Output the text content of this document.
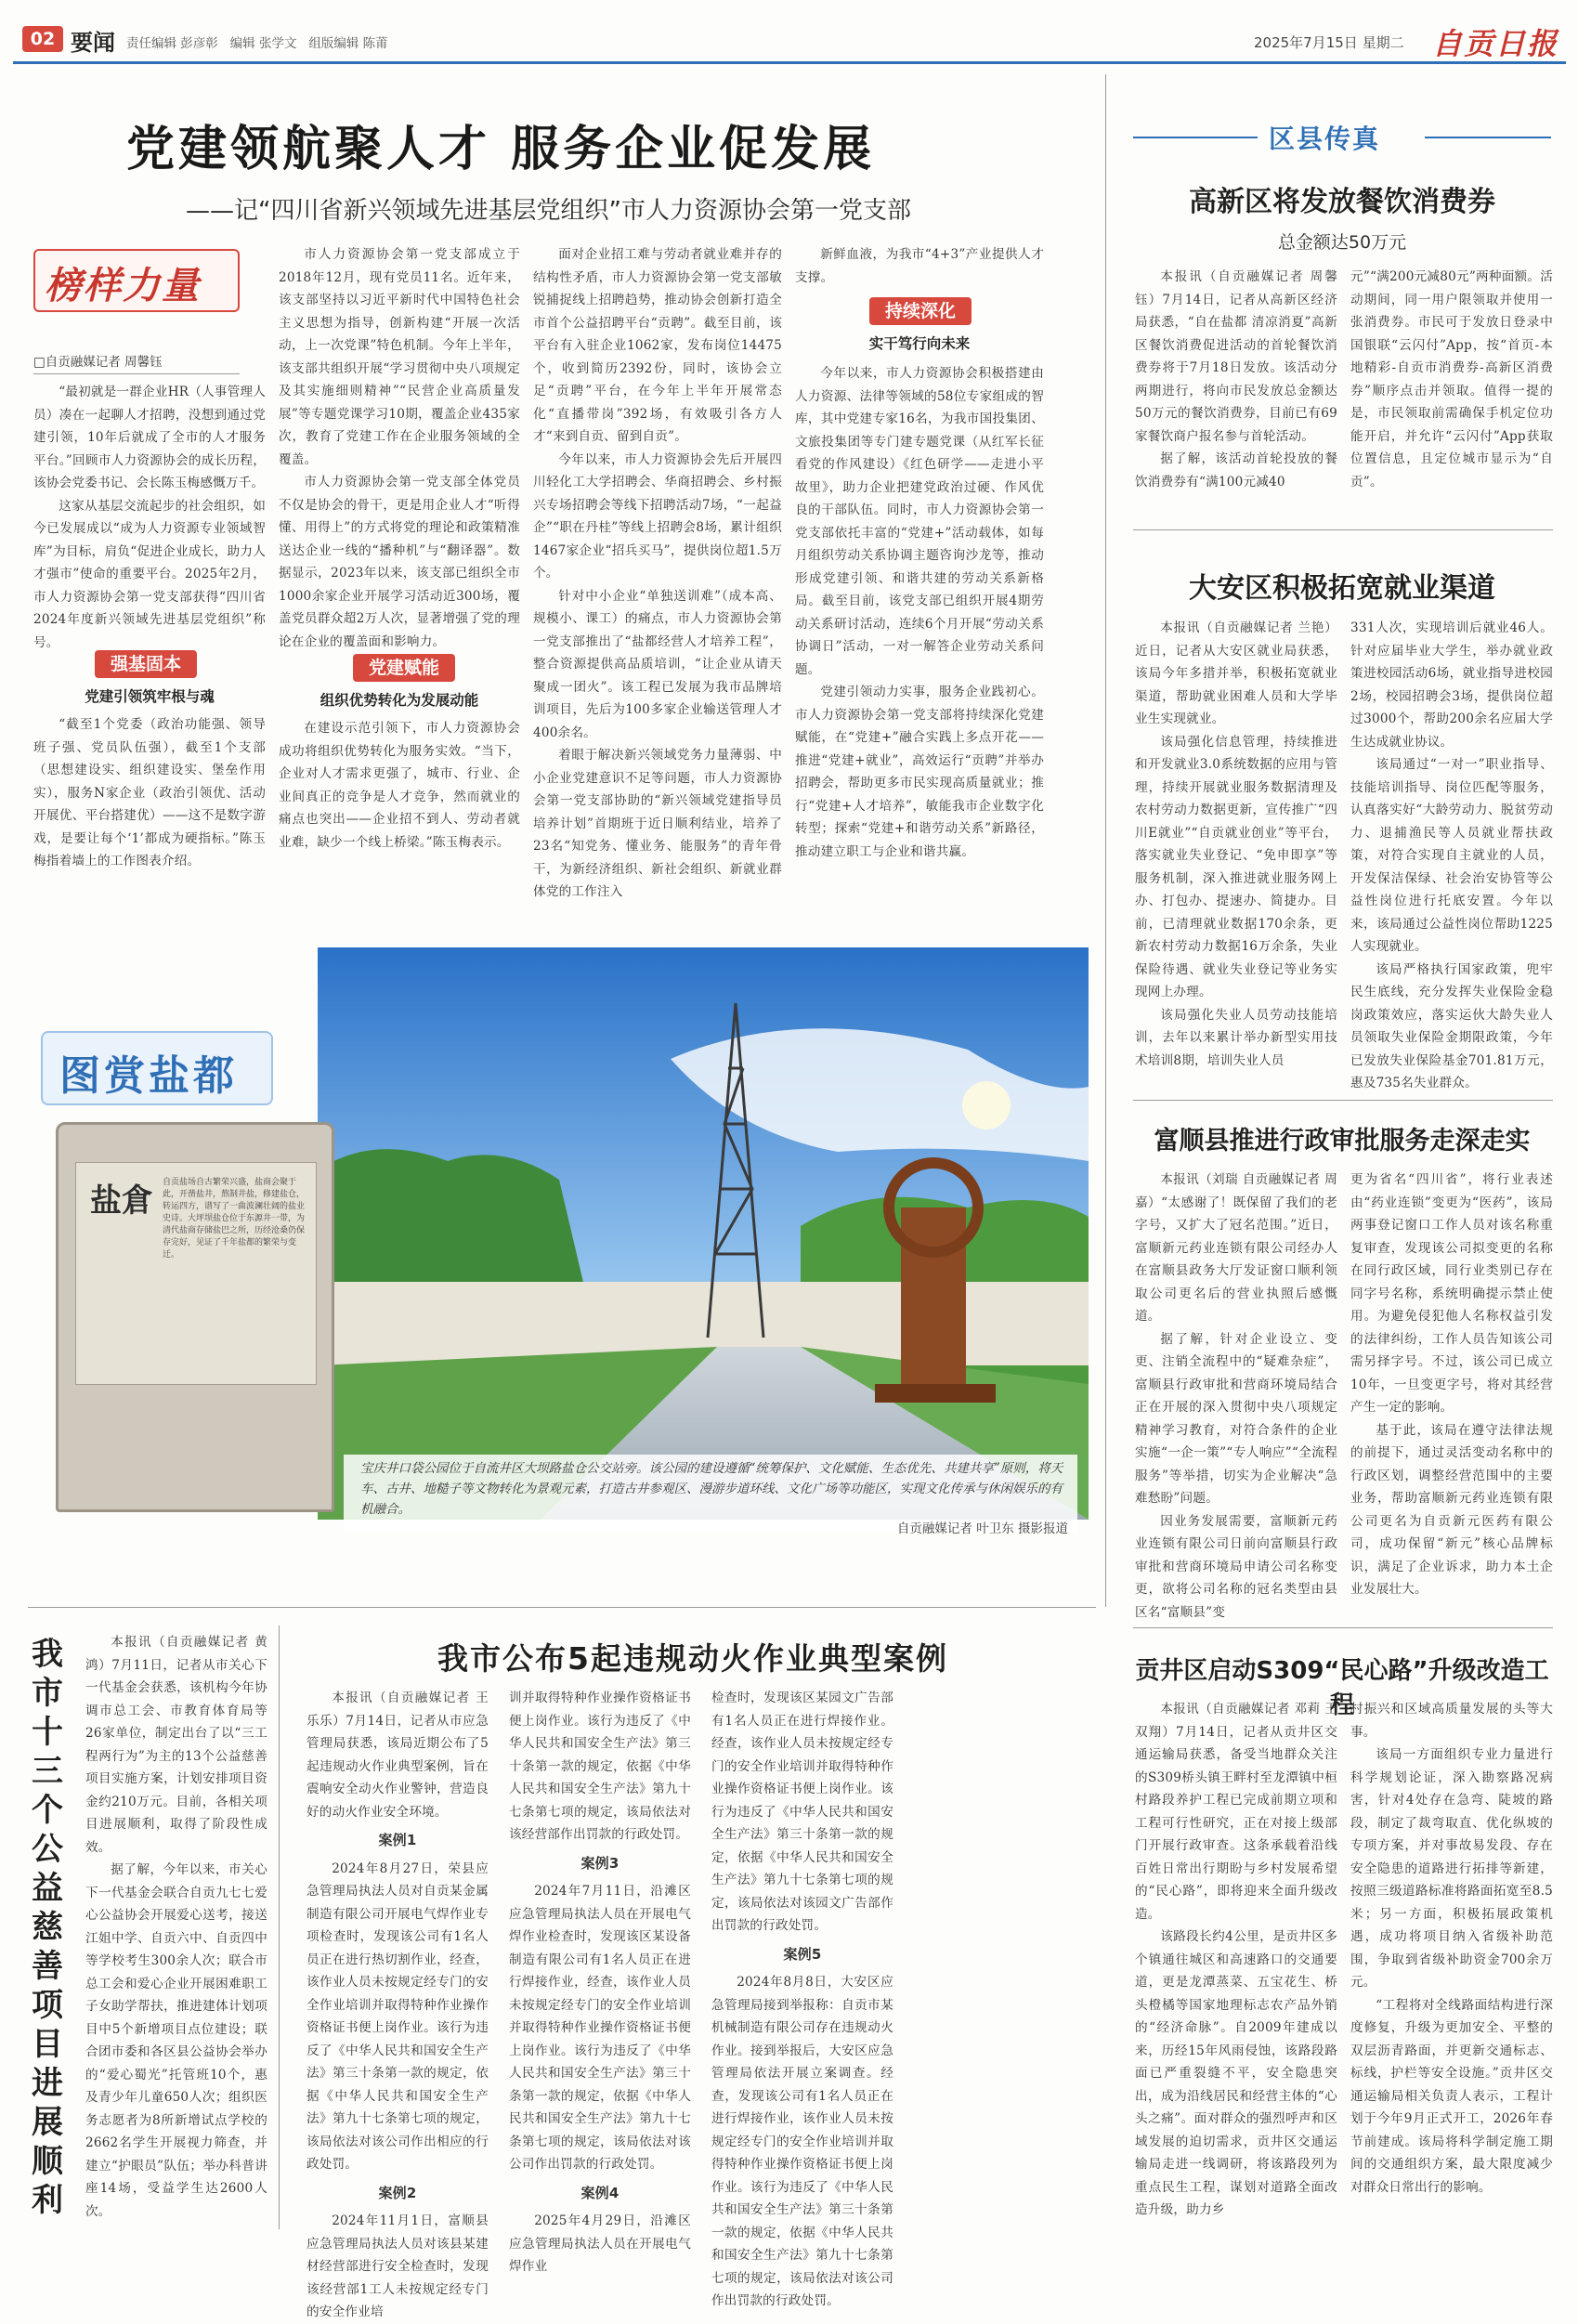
02 要闻 责任编辑 彭彦彰   编辑 张学文   组版编辑 陈莆	2025年7月15日 星期二 自贡日报
党建领航聚人才 服务企业促发展
——记“四川省新兴领域先进基层党组织”市人力资源协会第一党支部
榜样力量
□自贡融媒记者 周馨钰

“最初就是一群企业HR（人事管理人员）凑在一起聊人才招聘，没想到通过党建引领，10年后就成了全市的人才服务平台。”回顾市人力资源协会的成长历程，该协会党委书记、会长陈玉梅感慨万千。

这家从基层交流起步的社会组织，如今已发展成以“成为人力资源专业领域智库”为目标，肩负“促进企业成长，助力人才强市”使命的重要平台。2025年2月，市人力资源协会第一党支部获得“四川省2024年度新兴领域先进基层党组织”称号。

强基固本
党建引领筑牢根与魂

“截至1个党委（政治功能强、领导班子强、党员队伍强），截至1个支部（思想建设实、组织建设实、堡垒作用实），服务N家企业（政治引领优、活动开展优、平台搭建优）——这不是数字游戏，是要让每个‘1’都成为硬指标。”陈玉梅指着墙上的工作图表介绍。

市人力资源协会第一党支部成立于2018年12月，现有党员11名。近年来，该支部坚持以习近平新时代中国特色社会主义思想为指导，创新构建“开展一次活动，上一次党课”特色机制。今年上半年，该支部共组织开展“学习贯彻中央八项规定及其实施细则精神”“民营企业高质量发展”等专题党课学习10期，覆盖企业435家次，教育了党建工作在企业服务领域的全覆盖。

市人力资源协会第一党支部全体党员不仅是协会的骨干，更是用企业人才“听得懂、用得上”的方式将党的理论和政策精准送达企业一线的“播种机”与“翻译器”。数据显示，2023年以来，该支部已组织全市1000余家企业开展学习活动近300场，覆盖党员群众超2万人次，显著增强了党的理论在企业的覆盖面和影响力。

党建赋能
组织优势转化为发展动能

在建设示范引领下，市人力资源协会成功将组织优势转化为服务实效。“当下，企业对人才需求更强了，城市、行业、企业间真正的竞争是人才竞争，然而就业的痛点也突出——企业招不到人、劳动者就业难，缺少一个线上桥梁。”陈玉梅表示。

面对企业招工难与劳动者就业难并存的结构性矛盾，市人力资源协会第一党支部敏锐捕捉线上招聘趋势，推动协会创新打造全市首个公益招聘平台“贡聘”。截至目前，该平台有入驻企业1062家，发布岗位14475个，收到简历2392份，同时，该协会立足“贡聘”平台，在今年上半年开展常态化“直播带岗”392场，有效吸引各方人才“来到自贡、留到自贡”。

今年以来，市人力资源协会先后开展四川轻化工大学招聘会、华商招聘会、乡村振兴专场招聘会等线下招聘活动7场，“一起益企”“职在丹桂”等线上招聘会8场，累计组织1467家企业“招兵买马”，提供岗位超1.5万个。

针对中小企业“单独送训难”（成本高、规模小、课工）的痛点，市人力资源协会第一党支部推出了“盐都经营人才培养工程”，整合资源提供高品质培训，“让企业从请天聚成一团火”。该工程已发展为我市品牌培训项目，先后为100多家企业输送管理人才400余名。

着眼于解决新兴领域党务力量薄弱、中小企业党建意识不足等问题，市人力资源协会第一党支部协助的“新兴领域党建指导员培养计划”首期班于近日顺利结业，培养了23名“知党务、懂业务、能服务”的青年骨干，为新经济组织、新社会组织、新就业群体党的工作注入

新鲜血液，为我市“4+3”产业提供人才支撑。

持续深化
实干笃行向未来

今年以来，市人力资源协会积极搭建由人力资源、法律等领域的58位专家组成的智库，其中党建专家16名，为我市国投集团、文旅投集团等专门建专题党课（从红军长征看党的作风建设）《红色研学——走进小平故里》，助力企业把建党政治过硬、作风优良的干部队伍。同时，市人力资源协会第一党支部依托丰富的“党建+”活动载体，如每月组织劳动关系协调主题咨询沙龙等，推动形成党建引领、和谐共建的劳动关系新格局。截至目前，该党支部已组织开展4期劳动关系研讨活动，连续6个月开展“劳动关系协调日”活动，一对一解答企业劳动关系问题。

党建引领动力实事，服务企业践初心。市人力资源协会第一党支部将持续深化党建赋能，在“党建+”融合实践上多点开花——推进“党建+就业”，高效运行“贡聘”并举办招聘会，帮助更多市民实现高质量就业；推行“党建+人才培养”，敏能我市企业数字化转型；探索“党建+和谐劳动关系”新路径，推动建立职工与企业和谐共赢。

区县传真
高新区将发放餐饮消费券
总金额达50万元

本报讯（自贡融媒记者 周馨钰）7月14日，记者从高新区经济局获悉，“自在盐都 清凉消夏”高新区餐饮消费促进活动的首轮餐饮消费券将于7月18日发放。该活动分两期进行，将向市民发放总金额达50万元的餐饮消费券，目前已有69家餐饮商户报名参与首轮活动。

据了解，该活动首轮投放的餐饮消费券有“满100元减40

元”“满200元减80元”两种面额。活动期间，同一用户限领取并使用一张消费券。市民可于发放日登录中国银联“云闪付”App，按“首页-本地精彩-自贡市消费券-高新区消费券”顺序点击并领取。值得一提的是，市民领取前需确保手机定位功能开启，并允许“云闪付”App获取位置信息，且定位城市显示为“自贡”。

大安区积极拓宽就业渠道

本报讯（自贡融媒记者 兰艳）近日，记者从大安区就业局获悉，该局今年多措并举，积极拓宽就业渠道，帮助就业困难人员和大学毕业生实现就业。

该局强化信息管理，持续推进和开发就业3.0系统数据的应用与管理，持续开展就业服务数据清理及农村劳动力数据更新，宣传推广“四川E就业”“自贡就业创业”等平台，落实就业失业登记、“免申即享”等服务机制，深入推进就业服务网上办、打包办、提速办、简捷办。目前，已清理就业数据170余条，更新农村劳动力数据16万余条，失业保险待遇、就业失业登记等业务实现网上办理。

该局强化失业人员劳动技能培训，去年以来累计举办新型实用技术培训8期，培训失业人员

331人次，实现培训后就业46人。针对应届毕业大学生，举办就业政策进校园活动6场，就业指导进校园2场，校园招聘会3场，提供岗位超过3000个，帮助200余名应届大学生达成就业协议。

该局通过“一对一”职业指导、技能培训指导、岗位匹配等服务，认真落实好“大龄劳动力、脱贫劳动力、退捕渔民等人员就业帮扶政策，对符合实现自主就业的人员，开发保洁保绿、社会治安协管等公益性岗位进行托底安置。今年以来，该局通过公益性岗位帮助1225人实现就业。

该局严格执行国家政策，兜牢民生底线，充分发挥失业保险金稳岗政策效应，落实运伙大龄失业人员领取失业保险金期限政策，今年已发放失业保险基金701.81万元，惠及735名失业群众。

图赏盐都
盐倉 自贡盐场自古繁荣兴盛，盐商会聚于此，开凿盐井，熬制井盐，修建盐仓，转运四方，谱写了一曲波澜壮阔的盐业史诗。大坪坝盐仓位于东源井一带，为清代盐商存储盐巴之所，历经沧桑仍保存完好，见证了千年盐都的繁荣与变迁。
宝庆井口袋公园位于自流井区大坝路盐仓公交站旁。该公园的建设遵循“统筹保护、文化赋能、生态优先、共建共享”原则，将天车、古井、地糙子等文物转化为景观元素，打造古井参观区、漫游步道环线、文化广场等功能区，实现文化传承与休闲娱乐的有机融合。
自贡融媒记者 叶卫东 摄影报道
富顺县推进行政审批服务走深走实

本报讯（刘瑞 自贡融媒记者 周嘉）“太感谢了！既保留了我们的老字号，又扩大了冠名范围。”近日，富顺新元药业连锁有限公司经办人在富顺县政务大厅发证窗口顺利领取公司更名后的营业执照后感慨道。

据了解，针对企业设立、变更、注销全流程中的“疑难杂症”，富顺县行政审批和营商环境局结合正在开展的深入贯彻中央八项规定精神学习教育，对符合条件的企业实施“一企一策”“专人响应”“全流程服务”等举措，切实为企业解决“急难愁盼”问题。

因业务发展需要，富顺新元药业连锁有限公司日前向富顺县行政审批和营商环境局申请公司名称变更，欲将公司名称的冠名类型由县区名“富顺县”变

更为省名“四川省”，将行业表述由“药业连锁”变更为“医药”，该局两事登记窗口工作人员对该名称重复审查，发现该公司拟变更的名称在同行政区域，同行业类别已存在同字号名称，系统明确提示禁止使用。为避免侵犯他人名称权益引发的法律纠纷，工作人员告知该公司需另择字号。不过，该公司已成立10年，一旦变更字号，将对其经营产生一定的影响。

基于此，该局在遵守法律法规的前提下，通过灵活变动名称中的行政区划，调整经营范围中的主要业务，帮助富顺新元药业连锁有限公司更名为自贡新元医药有限公司，成功保留“新元”核心品牌标识，满足了企业诉求，助力本土企业发展壮大。

贡井区启动S309“民心路”升级改造工程

本报讯（自贡融媒记者 邓莉 王双翔）7月14日，记者从贡井区交通运输局获悉，备受当地群众关注的S309桥头镇王畔村至龙潭镇中桓村路段养护工程已完成前期立项和工程可行性研究，正在对接上级部门开展行政审查。这条承载着沿线百姓日常出行期盼与乡村发展希望的“民心路”，即将迎来全面升级改造。

该路段长约4公里，是贡井区多个镇通往城区和高速路口的交通要道，更是龙潭蒸菜、五宝花生、桥头橙橘等国家地理标志农产品外销的“经济命脉”。自2009年建成以来，历经15年风雨侵蚀，该路段路面已严重裂缝不平，安全隐患突出，成为沿线居民和经营主体的“心头之痛”。面对群众的强烈呼声和区域发展的迫切需求，贡井区交通运输局走进一线调研，将该路段列为重点民生工程，谋划对道路全面改造升级，助力乡

村振兴和区域高质量发展的头等大事。

该局一方面组织专业力量进行科学规划论证，深入勘察路况病害，针对4处存在急弯、陡坡的路段，制定了裁弯取直、优化纵坡的专项方案，并对事故易发段、存在安全隐患的道路进行拓排等新建，按照三级道路标准将路面拓宽至8.5米；另一方面，积极拓展政策机遇，成功将项目纳入省级补助范围，争取到省级补助资金700余万元。

“工程将对全线路面结构进行深度修复，升级为更加安全、平整的双层沥青路面，并更新交通标志、标线，护栏等安全设施。”贡井区交通运输局相关负责人表示，工程计划于今年9月正式开工，2026年春节前建成。该局将科学制定施工期间的交通组织方案，最大限度减少对群众日常出行的影响。

我市十三个公益慈善项目进展顺利

本报讯（自贡融媒记者 黄鸿）7月11日，记者从市关心下一代基金会获悉，该机构今年协调市总工会、市教育体育局等26家单位，制定出台了以“三工程两行为”为主的13个公益慈善项目实施方案，计划安排项目资金约210万元。目前，各相关项目进展顺利，取得了阶段性成效。

据了解，今年以来，市关心下一代基金会联合自贡九七七爱心公益协会开展爱心送考，接送江姐中学、自贡六中、自贡四中等学校考生300余人次；联合市总工会和爱心企业开展困难职工子女助学帮扶，推进建体计划项目中5个新增项目点位建设；联合团市委和各区县公益协会举办的“爱心蜀光”托管班10个，惠及青少年儿童650人次；组织医务志愿者为8所新增试点学校的2662名学生开展视力筛查，并建立“护眼员”队伍；举办科普讲座14场，受益学生达2600人次。

我市公布5起违规动火作业典型案例

本报讯（自贡融媒记者 王乐乐）7月14日，记者从市应急管理局获悉，该局近期公布了5起违规动火作业典型案例，旨在震响安全动火作业警钟，营造良好的动火作业安全环境。

案例1

2024年8月27日，荣县应急管理局执法人员对自贡某金属制造有限公司开展电气焊作业专项检查时，发现该公司有1名人员正在进行热切割作业，经查，该作业人员未按规定经专门的安全作业培训并取得特种作业操作资格证书便上岗作业。该行为违反了《中华人民共和国安全生产法》第三十条第一款的规定，依据《中华人民共和国安全生产法》第九十七条第七项的规定，该局依法对该公司作出相应的行政处罚。

案例2

2024年11月1日，富顺县应急管理局执法人员对该县某建材经营部进行安全检查时，发现该经营部1工人未按规定经专门的安全作业培

训并取得特种作业操作资格证书便上岗作业。该行为违反了《中华人民共和国安全生产法》第三十条第一款的规定，依据《中华人民共和国安全生产法》第九十七条第七项的规定，该局依法对该经营部作出罚款的行政处罚。

案例3

2024年7月11日，沿滩区应急管理局执法人员在开展电气焊作业检查时，发现该区某设备制造有限公司有1名人员正在进行焊接作业，经查，该作业人员未按规定经专门的安全作业培训并取得特种作业操作资格证书便上岗作业。该行为违反了《中华人民共和国安全生产法》第三十条第一款的规定，依据《中华人民共和国安全生产法》第九十七条第七项的规定，该局依法对该公司作出罚款的行政处罚。

案例4

2025年4月29日，沿滩区应急管理局执法人员在开展电气焊作业

检查时，发现该区某园文广告部有1名人员正在进行焊接作业。经查，该作业人员未按规定经专门的安全作业培训并取得特种作业操作资格证书便上岗作业。该行为违反了《中华人民共和国安全生产法》第三十条第一款的规定，依据《中华人民共和国安全生产法》第九十七条第七项的规定，该局依法对该园文广告部作出罚款的行政处罚。

案例5

2024年8月8日，大安区应急管理局接到举报称：自贡市某机械制造有限公司存在违规动火作业。接到举报后，大安区应急管理局依法开展立案调查。经查，发现该公司有1名人员正在进行焊接作业，该作业人员未按规定经专门的安全作业培训并取得特种作业操作资格证书便上岗作业。该行为违反了《中华人民共和国安全生产法》第三十条第一款的规定，依据《中华人民共和国安全生产法》第九十七条第七项的规定，该局依法对该公司作出罚款的行政处罚。
